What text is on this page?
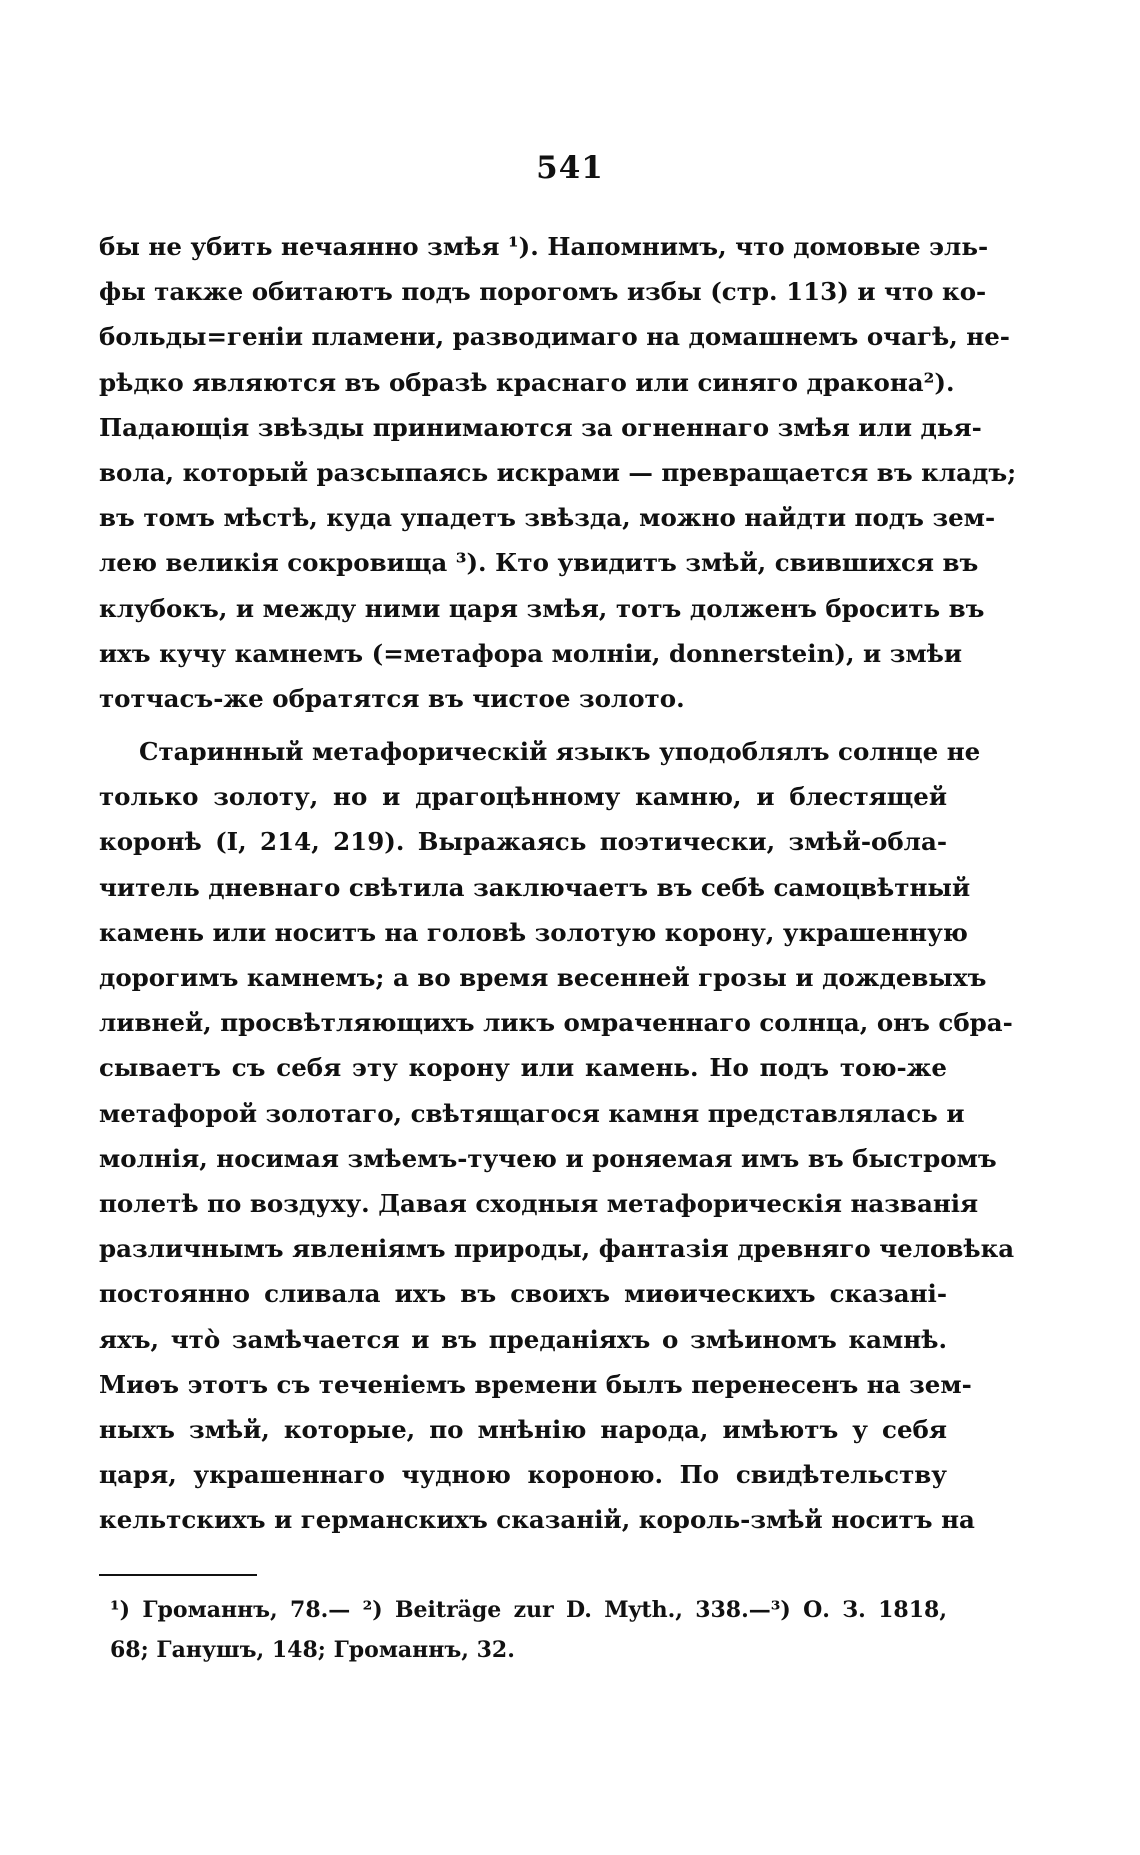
541
бы не убить нечаянно змѣя ¹). Напомнимъ, что домовые эль-
фы также обитаютъ подъ порогомъ избы (стр. 113) и что ко-
больды=геніи пламени, разводимаго на домашнемъ очагѣ, не-
рѣдко являются въ образѣ краснаго или синяго дракона²).
Падающія звѣзды принимаются за огненнаго змѣя или дья-
вола, который разсыпаясь искрами — превращается въ кладъ;
въ томъ мѣстѣ, куда упадетъ звѣзда, можно найдти подъ зем-
лею великія сокровища ³). Кто увидитъ змѣй, свившихся въ
клубокъ, и между ними царя змѣя, тотъ долженъ бросить въ
ихъ кучу камнемъ (=метафора молніи, donnerstein), и змѣи
тотчасъ-же обратятся въ чистое золото.
Старинный метафорическій языкъ уподоблялъ солнце не
только золоту, но и драгоцѣнному камню, и блестящей
коронѣ (I, 214, 219). Выражаясь поэтически, змѣй-обла-
читель дневнаго свѣтила заключаетъ въ себѣ самоцвѣтный
камень или носитъ на головѣ золотую корону, украшенную
дорогимъ камнемъ; а во время весенней грозы и дождевыхъ
ливней, просвѣтляющихъ ликъ омраченнаго солнца, онъ сбра-
сываетъ съ себя эту корону или камень. Но подъ тою-же
метафорой золотаго, свѣтящагося камня представлялась и
молнія, носимая змѣемъ-тучею и роняемая имъ въ быстромъ
полетѣ по воздуху. Давая сходныя метафорическія названія
различнымъ явленіямъ природы, фантазія древняго человѣка
постоянно сливала ихъ въ своихъ миѳическихъ сказані-
яхъ, что̀ замѣчается и въ преданіяхъ о змѣиномъ камнѣ.
Миѳъ этотъ съ теченіемъ времени былъ перенесенъ на зем-
ныхъ змѣй, которые, по мнѣнію народа, имѣютъ у себя
царя, украшеннаго чудною короною. По свидѣтельству
кельтскихъ и германскихъ сказаній, король-змѣй носитъ на
¹) Громаннъ, 78.— ²) Beiträge zur D. Myth., 338.—³) О. З. 1818,
68; Ганушъ, 148; Громаннъ, 32.
